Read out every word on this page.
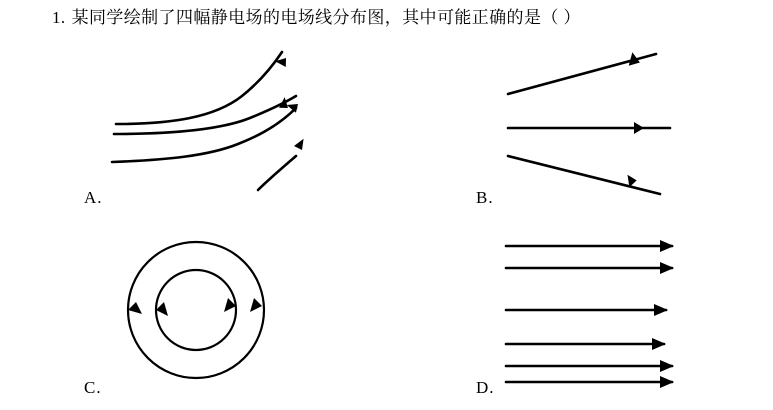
1. 某同学绘制了四幅静电场的电场线分布图，其中可能正确的是（ ）
A.	B.
C.	D.
